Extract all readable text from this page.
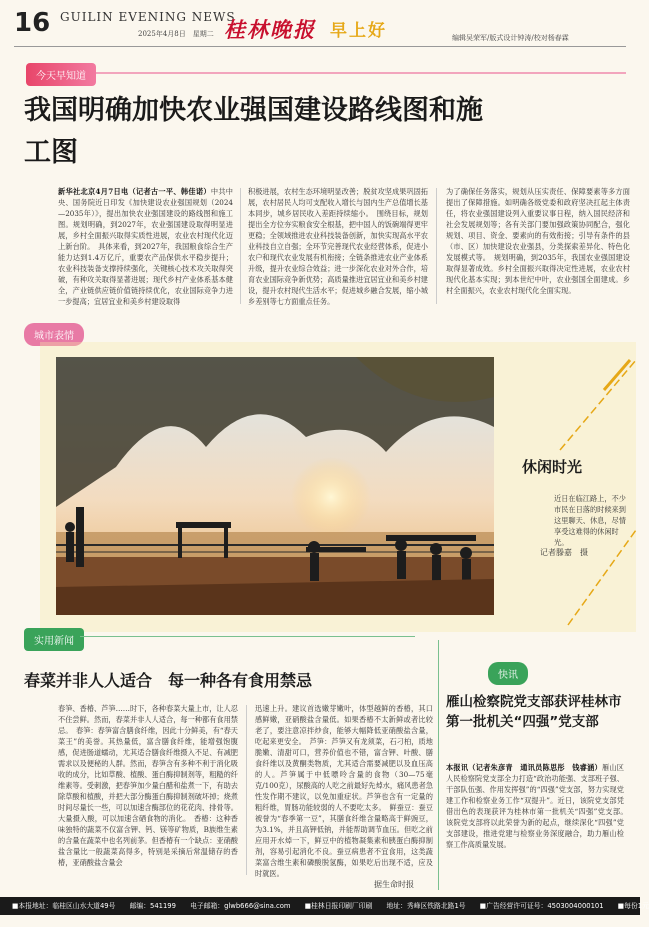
16 GUILIN EVENING NEWS
2025年4月8日　星期二 桂林晚报 早上好	编辑吴荣军/版式设计钟涛/校对杨春霖
今天早知道
我国明确加快农业强国建设路线图和施工图
新华社北京4月7日电（记者古一平、韩佳诺）中共中央、国务院近日印发《加快建设农业强国规划（2024—2035年）》，提出加快农业强国建设的路线图和施工图。规划明确，到2027年，农业强国建设取得明显进展，乡村全面振兴取得实质性进展，农业农村现代化迈上新台阶。　具体来看，到2027年，我国粮食综合生产能力达到1.4万亿斤，重要农产品保供水平稳步提升；农业科技装备支撑持续强化，关键核心技术攻关取得突破，有种攻关取得显著进展；现代乡村产业体系基本健全，产业链供应链价值链持续优化，农业国际竞争力进一步提高；宜居宜业和美乡村建设取得
积极进展，农村生态环境明显改善；脱贫攻坚成果巩固拓展，农村居民人均可支配收入增长与国内生产总值增长基本同步，城乡居民收入差距持续缩小。　围绕目标，规划提出全方位夯实粮食安全根基，把中国人的饭碗端得更牢更稳；全领域推进农业科技装备创新，加快实现高水平农业科技自立自强；全环节完善现代农业经营体系，促进小农户和现代农业发展有机衔接；全链条推进农业产业体系升级，提升农业综合效益；进一步深化农业对外合作，培育农业国际竞争新优势；高质量推进宜居宜业和美乡村建设，提升农村现代生活水平；促进城乡融合发展，缩小城乡差别等七方面重点任务。
为了确保任务落实，规划从压实责任、保障要素等多方面提出了保障措施。如明确各级党委和政府坚决扛起主体责任，将农业强国建设列入重要议事日程，纳入国民经济和社会发展规划等；各有关部门要加强政策协同配合，强化规划、项目、资金、要素向的有效衔接；引导有条件的县（市、区）加快建设农业强县，分类探索差异化、特色化发展模式等。　规划明确，到2035年，我国农业强国建设取得显著成效。乡村全面振兴取得决定性进展，农业农村现代化基本实现；到本世纪中叶，农业强国全面建成。乡村全面振兴，农业农村现代化全面实现。
城市表情
休闲时光
近日在临江路上，不少市民在日落的时候来到这里聊天、休息，尽情享受这难得的休闲时光。
记者滕嘉　摄
实用新闻
春菜并非人人适合　每一种各有食用禁忌
春笋、香椿、芦笋……时下，各种春菜大量上市，让人忍不住尝鲜。然而，春菜并非人人适合，每一种都有食用禁忌。　春笋：春笋富含膳食纤维，因此十分鲜美，有“春天菜王”的美誉。其热量低，富含膳食纤维，能增强饱腹感，促进肠道蠕动，尤其适合膳食纤维摄入不足、有减肥需求以及便秘的人群。然而，春笋含有多种不利于消化吸收的成分，比如草酸、植酸、蛋白酶抑制剂等，粗糙的纤维素等。受刺激，把春笋加少量白醋和盐煮一下，有助去除草酸和植酸，并把大部分酶蛋白酶抑制剂破坏掉；烧煮时间尽量长一些，可以加速含酶部位的花花肉、排骨等。大量摄入酸，可以加速含硒食物的消化。　香椿：这种香味独特的蔬菜不仅富含钾、钙、镁等矿物质，B族维生素的含量在蔬菜中也名列前茅。但香椿有一个缺点：亚硝酸盐含量比一般蔬菜高得多，特别是采摘后常温储存的香椿，亚硝酸盐含量会
迅速上升。建议首选嫩芽嫩叶，体型越鲜的香椿，其口感鲜嫩，亚硝酸盐含量低。如果香椿不太新鲜或者比较老了，要注意凉拌炒食，能够大幅降低亚硝酸盐含量，吃起来更安全。　芦笋：芦笋又有龙须菜，石刁柏，质地脆嫩、清甜可口，营养价值也不错，富含钾、叶酸、膳食纤维以及黄酮类物质，尤其适合需要减肥以及血压高的人。芦笋属于中低嘌呤含量的食物（30—75毫克/100克），尿酸高的人吃之前最好先焯水，痛风患者急性发作期不建议，以免加重症状。芦笋也含有一定量的粗纤维，胃肠功能较弱的人不要吃太多。　鲜蚕豆：蚕豆被誉为“春季第一豆”，其膳食纤维含量略高于鲜豌豆，为3.1%，并且高钾低钠，并能帮助调节血压。但吃之前应用开水焯一下，鲜豆中的植物凝集素和胰蛋白酶抑制剂，容易引起消化不良。蚕豆病患者不宜食用，这类蔬菜富含维生素和磷酸脱氢酶，如果吃后出现不适，应及时就医。
据生命时报
快讯
雁山检察院党支部获评桂林市第一批机关“四强”党支部
本报讯（记者朱彦青　通讯员陈思彤　钱睿涵）雁山区人民检察院党支部全力打造“政治功能强、支部班子强、干部队伍强、作用发挥强”的“四强”党支部，努力实现党建工作和检察业务工作“双提升”。近日，该院党支部凭借出色的表现获评为桂林市第一批机关“四强”党支部。　该院党支部将以此荣誉为新的起点，继续深化“四强”党支部建设，推进党建与检察业务深度融合，助力雁山检察工作高质量发展。
■本报地址：临桂区山水大道49号 邮编：541199 电子邮箱：glwb666@sina.com ■桂林日报印刷厂印刷 地址：秀峰区铁路北路1号 ■广告经营许可证号：4503004000101 ■每份1元
